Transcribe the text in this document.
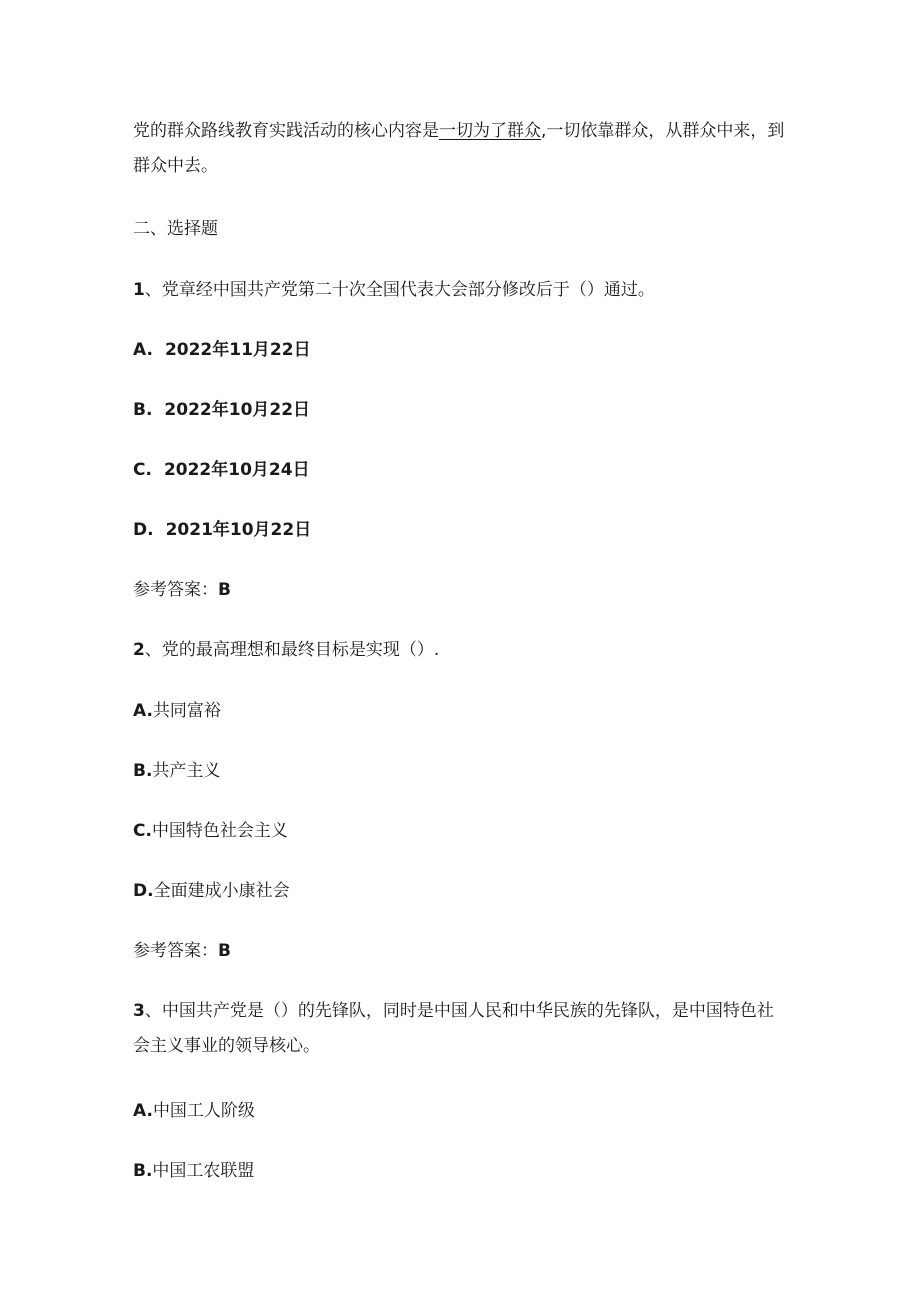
党的群众路线教育实践活动的核心内容是一切为了群众,一切依靠群众，从群众中来，到群众中去。
二、选择题
1、党章经中国共产党第二十次全国代表大会部分修改后于（）通过。
A. 2022年11月22日
B. 2022年10月22日
C. 2022年10月24日
D. 2021年10月22日
参考答案：B
2、党的最高理想和最终目标是实现（）.
A.共同富裕
B.共产主义
C.中国特色社会主义
D.全面建成小康社会
参考答案：B
3、中国共产党是（）的先锋队，同时是中国人民和中华民族的先锋队，是中国特色社会主义事业的领导核心。
A.中国工人阶级
B.中国工农联盟
